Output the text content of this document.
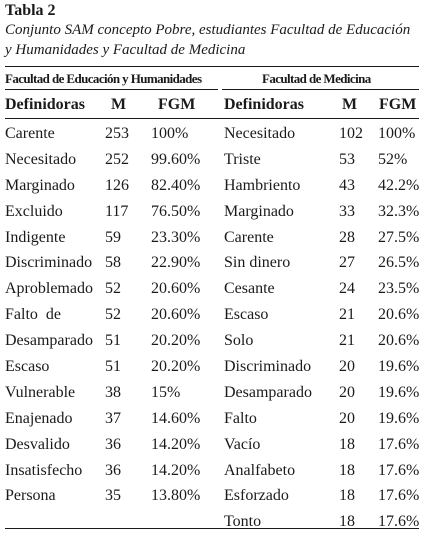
Tabla 2
Conjunto SAM concepto Pobre, estudiantes Facultad de Educación
y Humanidades y Facultad de Medicina
Facultad de Educación y Humanidades	Facultad de Medicina
Definidoras M FGM Definidoras M FGM
Carente	253 100% Necesitado	102 100%
Necesitado 252 99.60% Triste	53 52%
Marginado 126 82.40% Hambriento 43 42.2%
Excluido	117 76.50% Marginado	33 32.3%
Indigente 59 23.30% Carente	28 27.5%
Discriminado 58 22.90% Sin dinero	27 26.5%
Aproblemado 52 20.60% Cesante	24 23.5%
Falto  de	52 20.60% Escaso	21 20.6%
Desamparado 51 20.20% Solo	21 20.6%
Escaso	51 20.20% Discriminado 20 19.6%
Vulnerable 38 15%	Desamparado 20 19.6%
Enajenado 37 14.60% Falto	20 19.6%
Desvalido 36 14.20% Vacío	18 17.6%
Insatisfecho 36 14.20% Analfabeto	18 17.6%
Persona	35 13.80% Esforzado	18 17.6%
Tonto	18 17.6%
